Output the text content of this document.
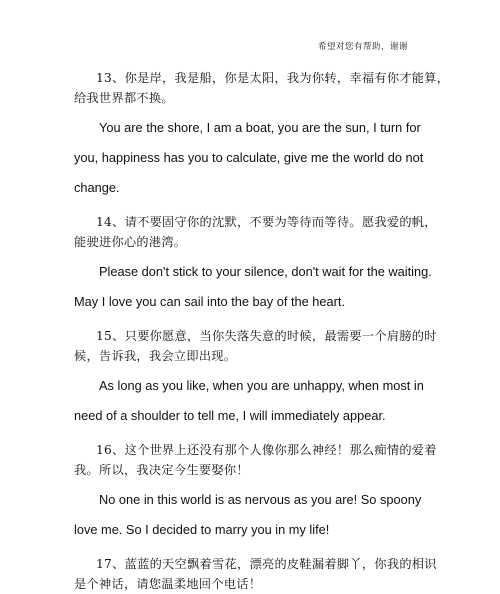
希望对您有帮助，谢谢

13、你是岸，我是船，你是太阳，我为你转，幸福有你才能算，
给我世界都不换。

You are the shore, I am a boat, you are the sun, I turn for
you, happiness has you to calculate, give me the world do not
change.

14、请不要固守你的沈默，不要为等待而等待。愿我爱的帆，
能驶进你心的港湾。

Please don't stick to your silence, don't wait for the waiting.
May I love you can sail into the bay of the heart.

15、只要你愿意，当你失落失意的时候，最需要一个肩膀的时
候，告诉我，我会立即出现。

As long as you like, when you are unhappy, when most in
need of a shoulder to tell me, I will immediately appear.

16、这个世界上还没有那个人像你那么神经！那么痴情的爱着
我。所以，我决定今生要娶你！

No one in this world is as nervous as you are! So spoony
love me. So I decided to marry you in my life!

17、蓝蓝的天空飘着雪花，漂亮的皮鞋漏着脚丫，你我的相识
是个神话，请您温柔地回个电话！
